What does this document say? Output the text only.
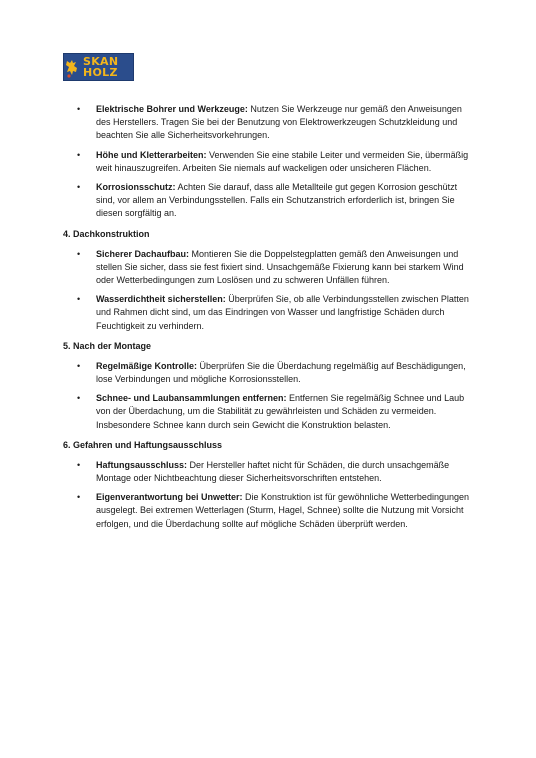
SKAN
HOLZ
• Elektrische Bohrer und Werkzeuge: Nutzen Sie Werkzeuge nur gemäß den Anweisungen des Herstellers. Tragen Sie bei der Benutzung von Elektrowerkzeugen Schutzkleidung und beachten Sie alle Sicherheitsvorkehrungen.
• Höhe und Kletterarbeiten: Verwenden Sie eine stabile Leiter und vermeiden Sie, übermäßig weit hinauszugreifen. Arbeiten Sie niemals auf wackeligen oder unsicheren Flächen.
• Korrosionsschutz: Achten Sie darauf, dass alle Metallteile gut gegen Korrosion geschützt sind, vor allem an Verbindungsstellen. Falls ein Schutzanstrich erforderlich ist, bringen Sie diesen sorgfältig an.
4. Dachkonstruktion
• Sicherer Dachaufbau: Montieren Sie die Doppelstegplatten gemäß den Anweisungen und stellen Sie sicher, dass sie fest fixiert sind. Unsachgemäße Fixierung kann bei starkem Wind oder Wetterbedingungen zum Loslösen und zu schweren Unfällen führen.
• Wasserdichtheit sicherstellen: Überprüfen Sie, ob alle Verbindungsstellen zwischen Platten und Rahmen dicht sind, um das Eindringen von Wasser und langfristige Schäden durch Feuchtigkeit zu verhindern.
5. Nach der Montage
• Regelmäßige Kontrolle: Überprüfen Sie die Überdachung regelmäßig auf Beschädigungen, lose Verbindungen und mögliche Korrosionsstellen.
• Schnee- und Laubansammlungen entfernen: Entfernen Sie regelmäßig Schnee und Laub von der Überdachung, um die Stabilität zu gewährleisten und Schäden zu vermeiden. Insbesondere Schnee kann durch sein Gewicht die Konstruktion belasten.
6. Gefahren und Haftungsausschluss
• Haftungsausschluss: Der Hersteller haftet nicht für Schäden, die durch unsachgemäße Montage oder Nichtbeachtung dieser Sicherheitsvorschriften entstehen.
• Eigenverantwortung bei Unwetter: Die Konstruktion ist für gewöhnliche Wetterbedingungen ausgelegt. Bei extremen Wetterlagen (Sturm, Hagel, Schnee) sollte die Nutzung mit Vorsicht erfolgen, und die Überdachung sollte auf mögliche Schäden überprüft werden.
